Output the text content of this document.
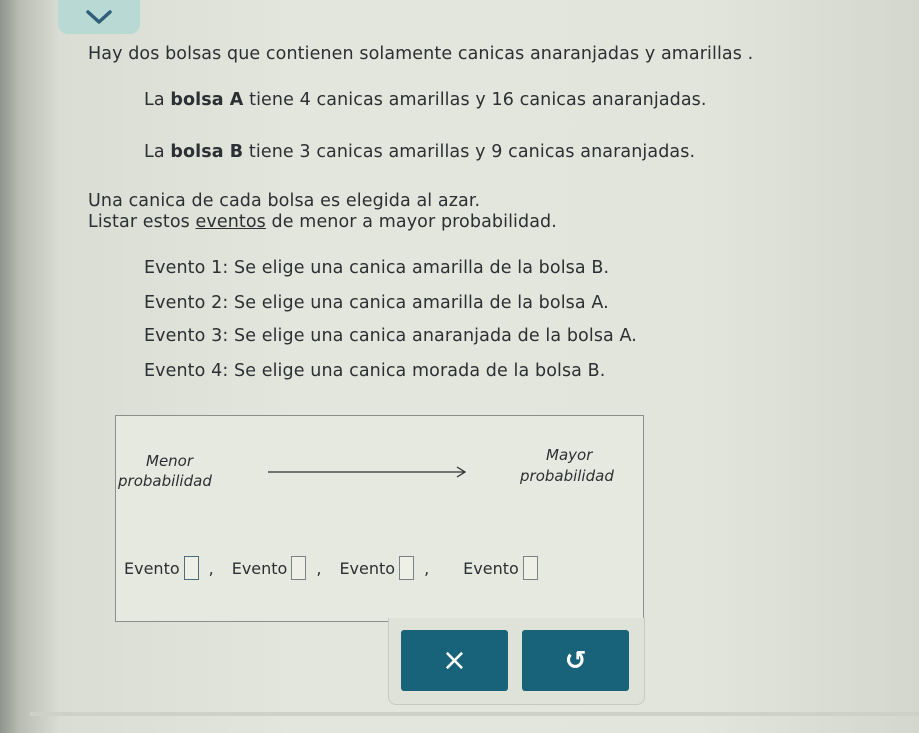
Hay dos bolsas que contienen solamente canicas anaranjadas y amarillas .
La bolsa A tiene 4 canicas amarillas y 16 canicas anaranjadas.
La bolsa B tiene 3 canicas amarillas y 9 canicas anaranjadas.
Una canica de cada bolsa es elegida al azar.
Listar estos eventos de menor a mayor probabilidad.
Evento 1: Se elige una canica amarilla de la bolsa B.
Evento 2: Se elige una canica amarilla de la bolsa A.
Evento 3: Se elige una canica anaranjada de la bolsa A.
Evento 4: Se elige una canica morada de la bolsa B.
Menor
probabilidad
Mayor
probabilidad
Evento , Evento , Evento , Evento
×	↺
